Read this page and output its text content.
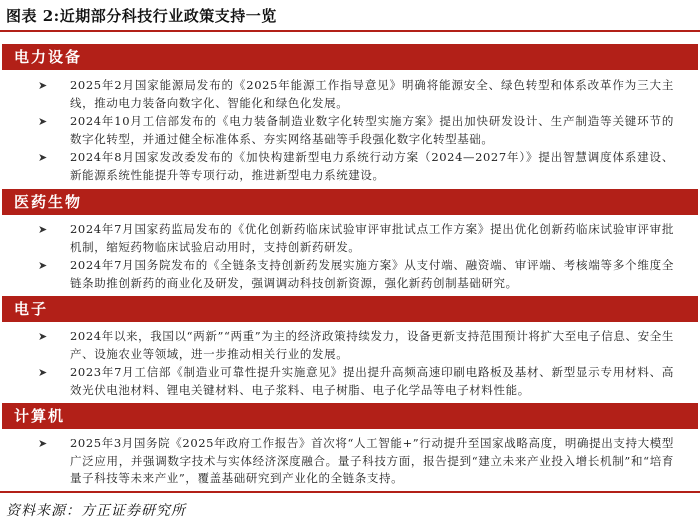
图表 2:近期部分科技行业政策支持一览
电力设备
➤	2025年2月国家能源局发布的《2025年能源工作指导意见》明确将能源安全、绿色转型和体系改革作为三大主线，推动电力装备向数字化、智能化和绿色化发展。
➤	2024年10月工信部发布的《电力装备制造业数字化转型实施方案》提出加快研发设计、生产制造等关键环节的数字化转型，并通过健全标准体系、夯实网络基础等手段强化数字化转型基础。
➤	2024年8月国家发改委发布的《加快构建新型电力系统行动方案（2024—2027年）》提出智慧调度体系建设、新能源系统性能提升等专项行动，推进新型电力系统建设。
医药生物
➤	2024年7月国家药监局发布的《优化创新药临床试验审评审批试点工作方案》提出优化创新药临床试验审评审批机制，缩短药物临床试验启动用时，支持创新药研发。
➤	2024年7月国务院发布的《全链条支持创新药发展实施方案》从支付端、融资端、审评端、考核端等多个维度全链条助推创新药的商业化及研发，强调调动科技创新资源，强化新药创制基础研究。
电子
➤	2024年以来，我国以“两新”“两重”为主的经济政策持续发力，设备更新支持范围预计将扩大至电子信息、安全生产、设施农业等领域，进一步推动相关行业的发展。
➤	2023年7月工信部《制造业可靠性提升实施意见》提出提升高频高速印刷电路板及基材、新型显示专用材料、高效光伏电池材料、锂电关键材料、电子浆料、电子树脂、电子化学品等电子材料性能。
计算机
➤	2025年3月国务院《2025年政府工作报告》首次将“人工智能+”行动提升至国家战略高度，明确提出支持大模型广泛应用，并强调数字技术与实体经济深度融合。量子科技方面，报告提到“建立未来产业投入增长机制”和“培育量子科技等未来产业”，覆盖基础研究到产业化的全链条支持。
资料来源：方正证券研究所
